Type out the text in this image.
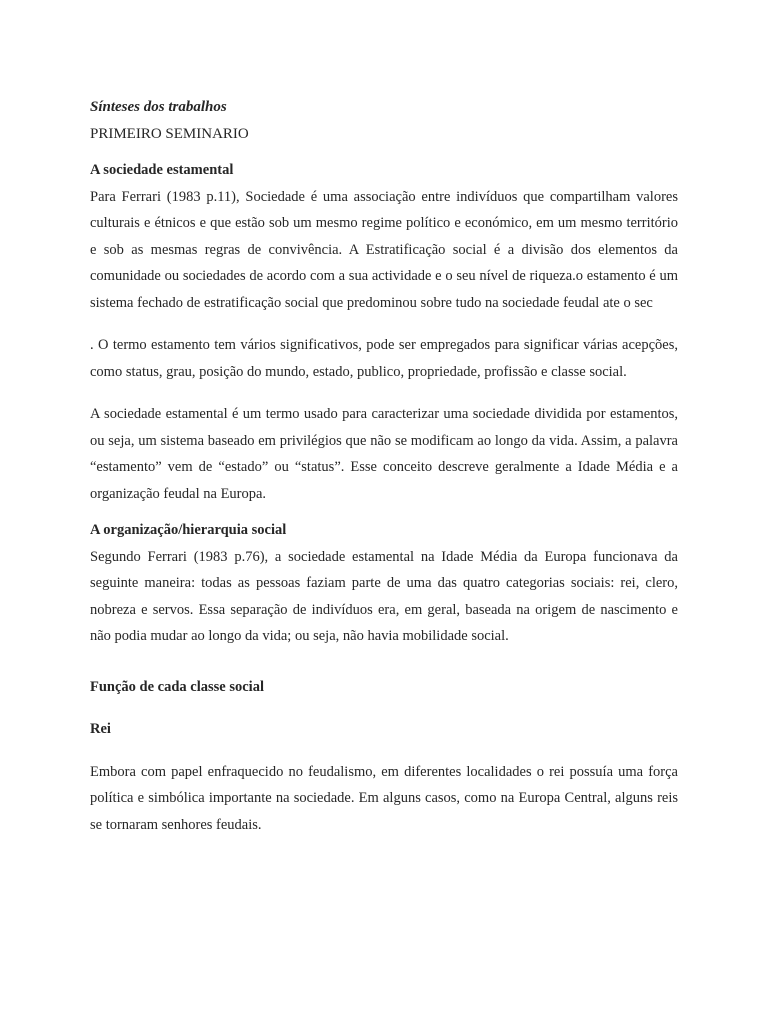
Sínteses dos trabalhos
PRIMEIRO SEMINARIO
A sociedade estamental

Para Ferrari (1983 p.11), Sociedade é uma associação entre indivíduos que compartilham valores culturais e étnicos e que estão sob um mesmo regime político e económico, em um mesmo território e sob as mesmas regras de convivência. A Estratificação social é a divisão dos elementos da comunidade ou sociedades de acordo com a sua actividade e o seu nível de riqueza.o estamento é um sistema fechado de estratificação social que predominou sobre tudo na sociedade feudal ate o sec

. O termo estamento tem vários significativos, pode ser empregados para significar várias acepções, como status, grau, posição do mundo, estado, publico, propriedade, profissão e classe social.

A sociedade estamental é um termo usado para caracterizar uma sociedade dividida por estamentos, ou seja, um sistema baseado em privilégios que não se modificam ao longo da vida. Assim, a palavra “estamento” vem de “estado” ou “status”. Esse conceito descreve geralmente a Idade Média e a organização feudal na Europa.

A organização/hierarquia social

Segundo Ferrari (1983 p.76), a sociedade estamental na Idade Média da Europa funcionava da seguinte maneira: todas as pessoas faziam parte de uma das quatro categorias sociais: rei, clero, nobreza e servos. Essa separação de indivíduos era, em geral, baseada na origem de nascimento e não podia mudar ao longo da vida; ou seja, não havia mobilidade social.

Função de cada classe social
Rei

Embora com papel enfraquecido no feudalismo, em diferentes localidades o rei possuía uma força política e simbólica importante na sociedade. Em alguns casos, como na Europa Central, alguns reis se tornaram senhores feudais.
